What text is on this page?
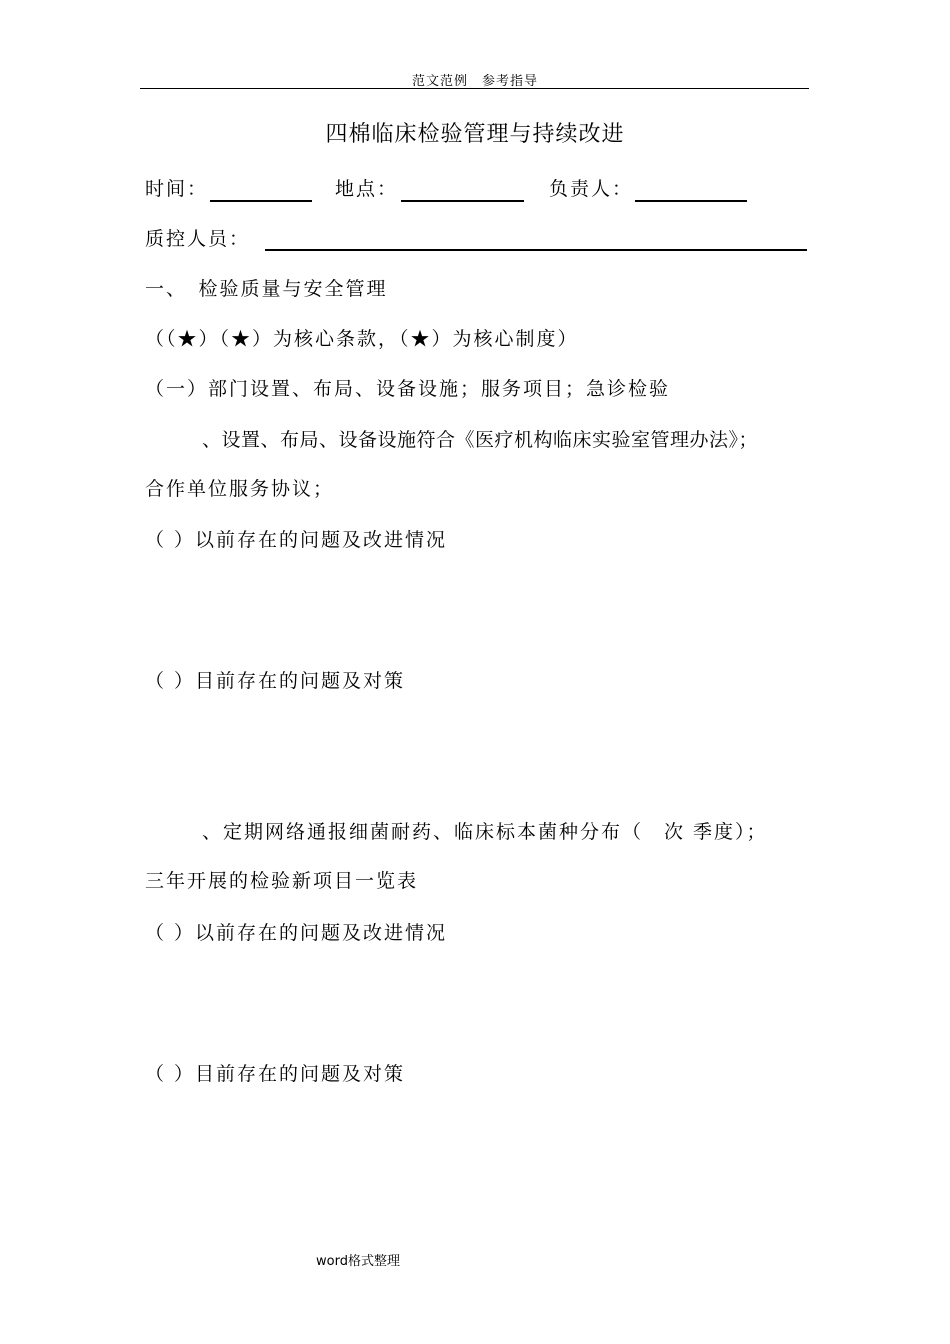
范文范例　参考指导
四棉临床检验管理与持续改进
时间：	地点：	负责人：
质控人员：
一、　检验质量与安全管理
（（★）（★）为核心条款，（★）为核心制度）
（一）部门设置、布局、设备设施；服务项目；急诊检验
、设置、布局、设备设施符合《医疗机构临床实验室管理办法》；
合作单位服务协议；
（ ）以前存在的问题及改进情况
（ ）目前存在的问题及对策
、定期网络通报细菌耐药、临床标本菌种分布（　次 季度）；
三年开展的检验新项目一览表
（ ）以前存在的问题及改进情况
（ ）目前存在的问题及对策
word格式整理
